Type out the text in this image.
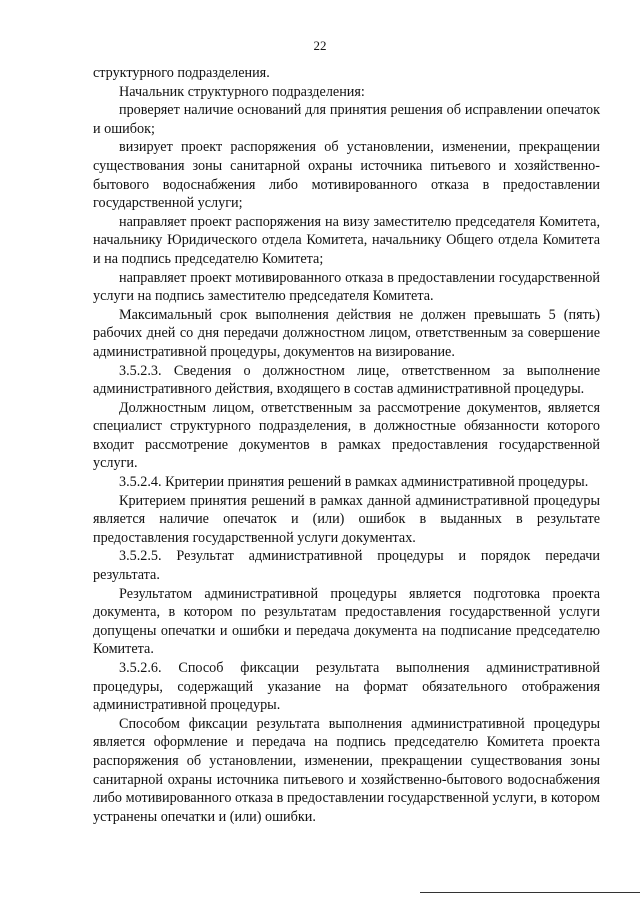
22

структурного подразделения.

Начальник структурного подразделения:

проверяет наличие оснований для принятия решения об исправлении опечаток и ошибок;

визирует проект распоряжения об установлении, изменении, прекращении существования зоны санитарной охраны источника питьевого и хозяйственно-бытового водоснабжения либо мотивированного отказа в предоставлении государственной услуги;

направляет проект распоряжения на визу заместителю председателя Комитета, начальнику Юридического отдела Комитета, начальнику Общего отдела Комитета и на подпись председателю Комитета;

направляет проект мотивированного отказа в предоставлении государственной услуги на подпись заместителю председателя Комитета.

Максимальный срок выполнения действия не должен превышать 5 (пять) рабочих дней со дня передачи должностном лицом, ответственным за совершение административной процедуры, документов на визирование.

3.5.2.3. Сведения о должностном лице, ответственном за выполнение административного действия, входящего в состав административной процедуры.

Должностным лицом, ответственным за рассмотрение документов, является специалист структурного подразделения, в должностные обязанности которого входит рассмотрение документов в рамках предоставления государственной услуги.

3.5.2.4. Критерии принятия решений в рамках административной процедуры.

Критерием принятия решений в рамках данной административной процедуры является наличие опечаток и (или) ошибок в выданных в результате предоставления государственной услуги документах.

3.5.2.5. Результат административной процедуры и порядок передачи результата.

Результатом административной процедуры является подготовка проекта документа, в котором по результатам предоставления государственной услуги допущены опечатки и ошибки и передача документа на подписание председателю Комитета.

3.5.2.6. Способ фиксации результата выполнения административной процедуры, содержащий указание на формат обязательного отображения административной процедуры.

Способом фиксации результата выполнения административной процедуры является оформление и передача на подпись председателю Комитета проекта распоряжения об установлении, изменении, прекращении существования зоны санитарной охраны источника питьевого и хозяйственно-бытового водоснабжения либо мотивированного отказа в предоставлении государственной услуги, в котором устранены опечатки и (или) ошибки.
